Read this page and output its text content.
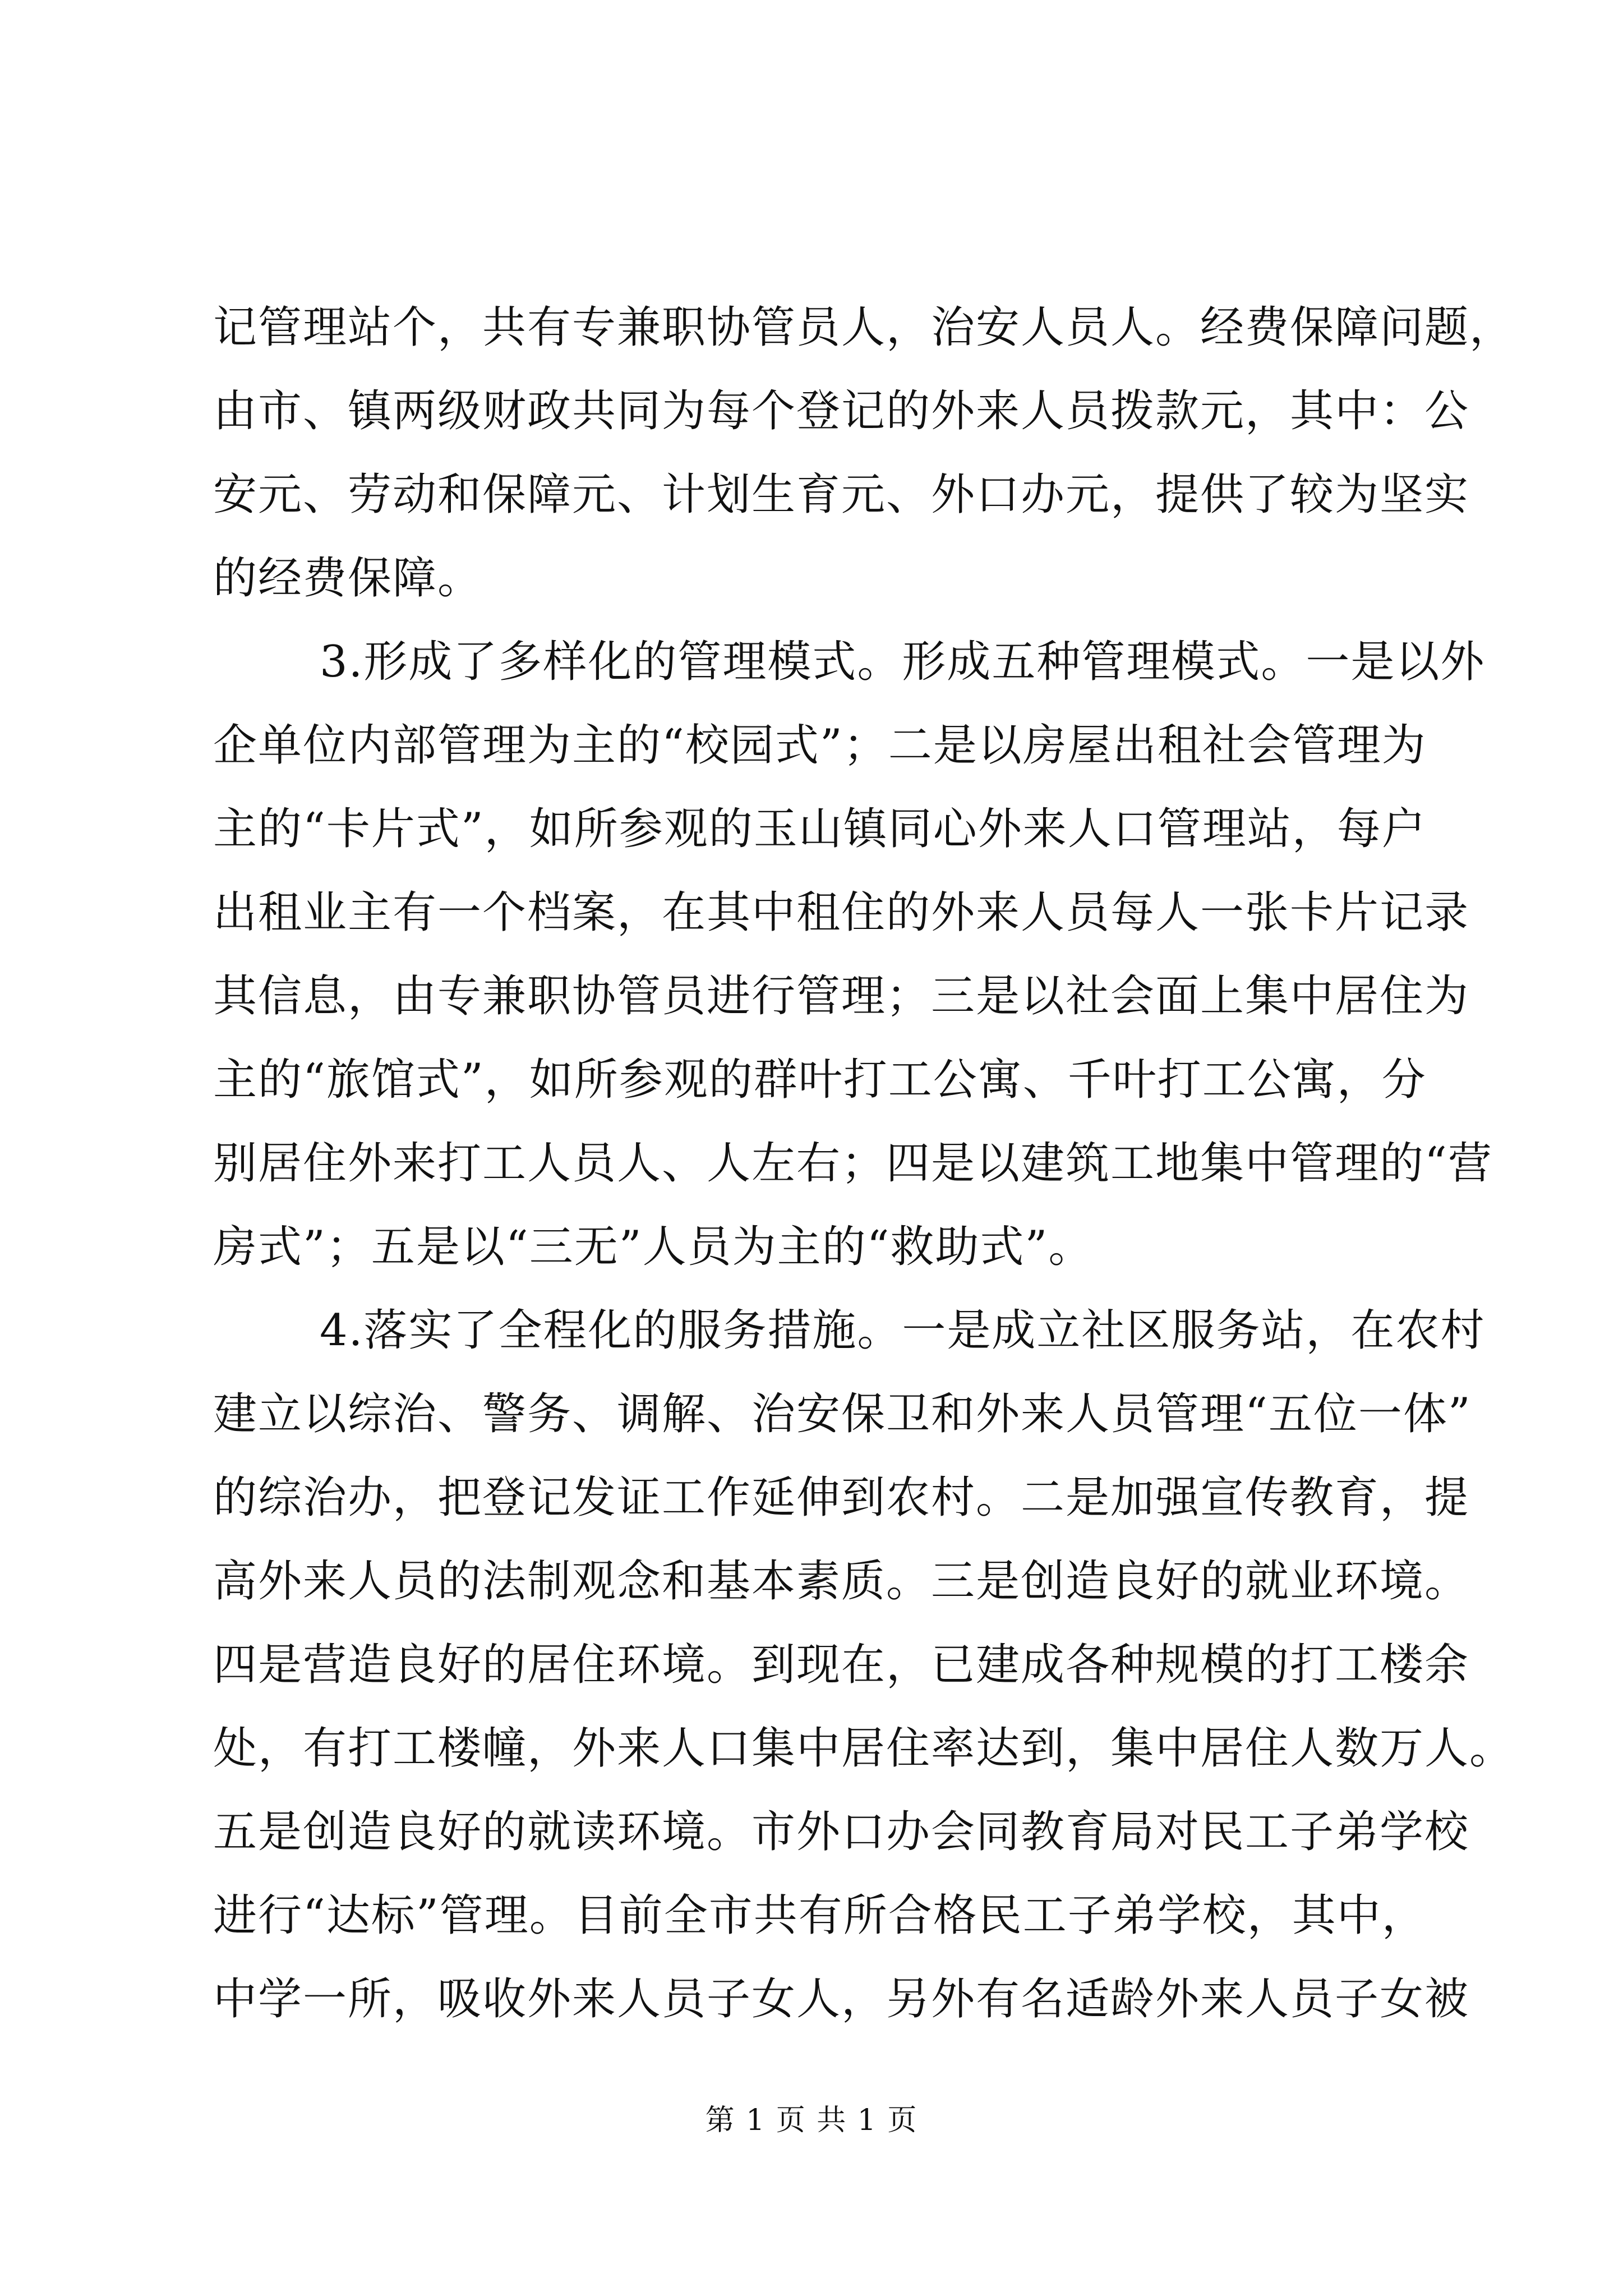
记管理站个，共有专兼职协管员人，治安人员人。经费保障问题，
由市、镇两级财政共同为每个登记的外来人员拨款元，其中：公
安元、劳动和保障元、计划生育元、外口办元，提供了较为坚实
的经费保障。
3.形成了多样化的管理模式。形成五种管理模式。一是以外
企单位内部管理为主的“校园式”；二是以房屋出租社会管理为
主的“卡片式”，如所参观的玉山镇同心外来人口管理站，每户
出租业主有一个档案，在其中租住的外来人员每人一张卡片记录
其信息，由专兼职协管员进行管理；三是以社会面上集中居住为
主的“旅馆式”，如所参观的群叶打工公寓、千叶打工公寓，分
别居住外来打工人员人、人左右；四是以建筑工地集中管理的“营
房式”；五是以“三无”人员为主的“救助式”。
4.落实了全程化的服务措施。一是成立社区服务站，在农村
建立以综治、警务、调解、治安保卫和外来人员管理“五位一体”
的综治办，把登记发证工作延伸到农村。二是加强宣传教育，提
高外来人员的法制观念和基本素质。三是创造良好的就业环境。
四是营造良好的居住环境。到现在，已建成各种规模的打工楼余
处，有打工楼幢，外来人口集中居住率达到，集中居住人数万人。
五是创造良好的就读环境。市外口办会同教育局对民工子弟学校
进行“达标”管理。目前全市共有所合格民工子弟学校，其中，
中学一所，吸收外来人员子女人，另外有名适龄外来人员子女被
第 1 页 共 1 页
